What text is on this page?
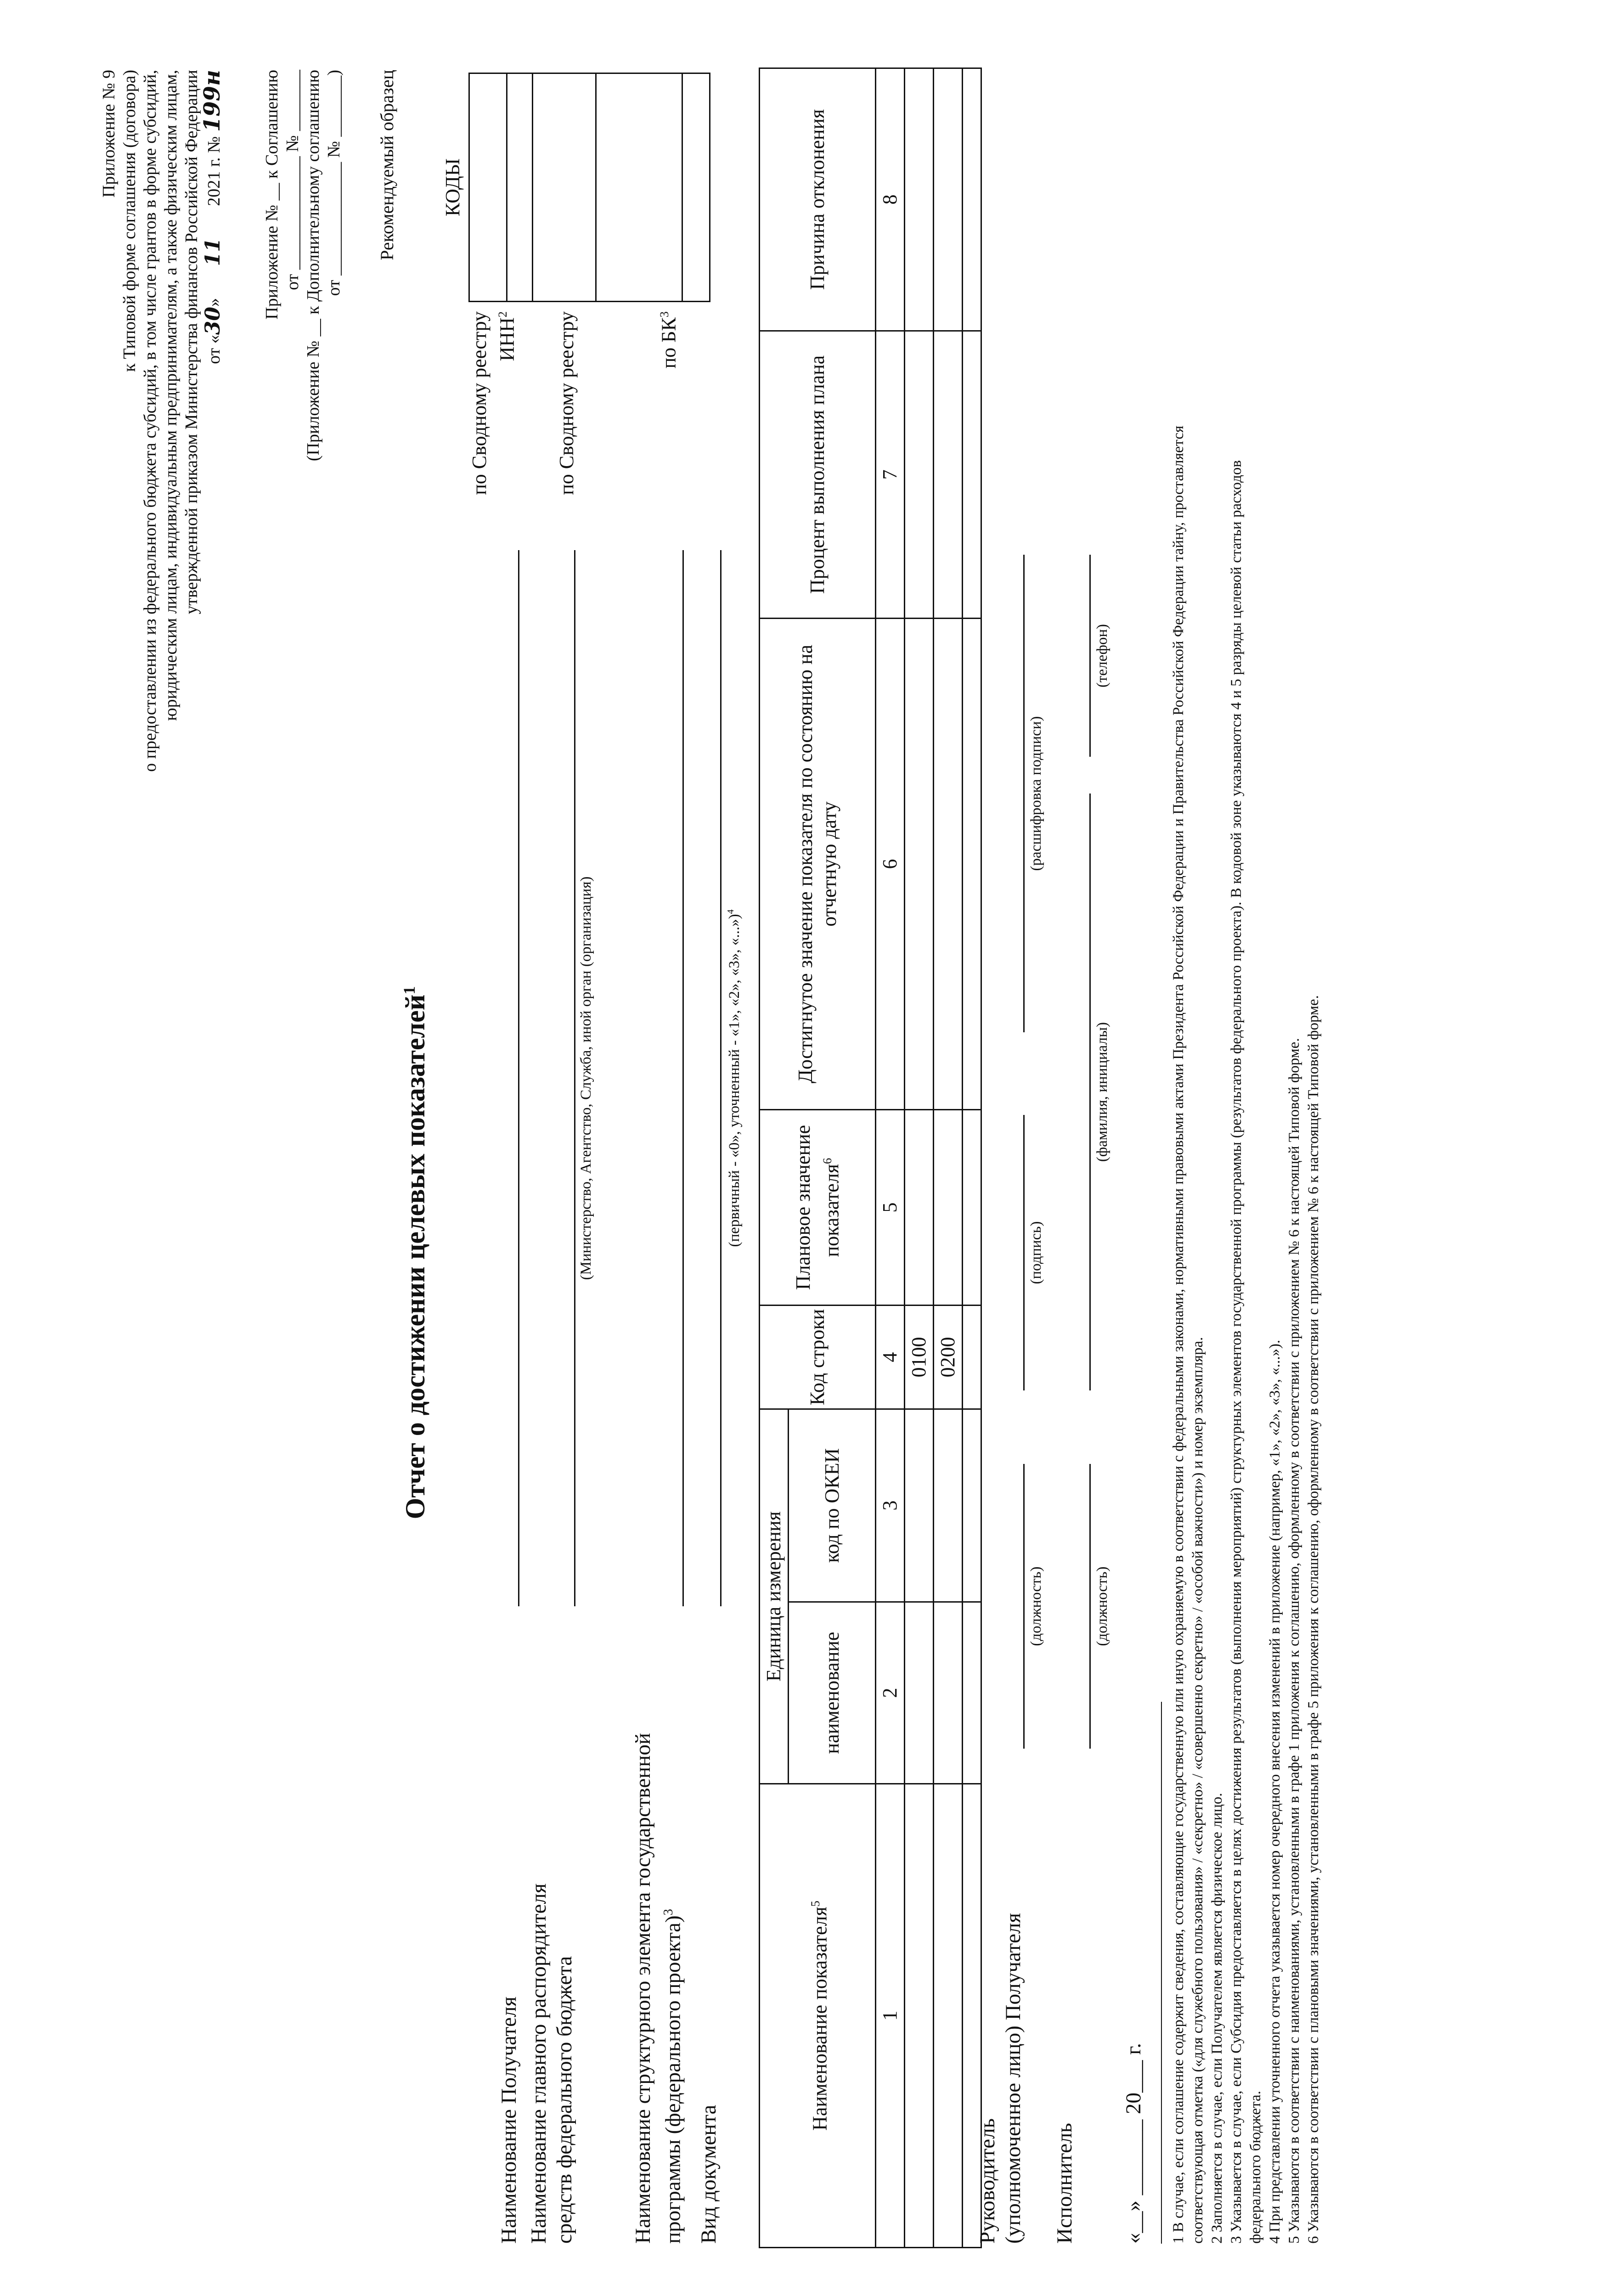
Приложение № 9 к Типовой форме соглашения (договора) о предоставлении из федерального бюджета субсидий, в том числе грантов в форме субсидий, юридическим лицам, индивидуальным предпринимателям, а также физическим лицам, утвержденной приказом Министерства финансов Российской Федерации от «30» 11 2021 г. № 199н Приложение № __ к Соглашению от _____________ № _______ (Приложение № __ к Дополнительному соглашению от _____________ № _______) Рекомендуемый образец
Отчет о достижении целевых показателей$^1$
КОДЫ

по Сводному реестру ИНН$^2$	по Сводному реестру	по $БК^3$
Наименование Получателя Наименование главного распорядителя средств федерального бюджета
(Министерство, Агентство, Служба, иной орган (организация)
Наименование структурного элемента государственной программы (федерального проекта)$^3$
Вид документа
(первичный - «0», уточненный - «1», «2», «3», «...»)$^4$
Наименование показателя$^5$	Единица измерения		Код строки	Плановое значение показателя$^6$	Достигнутое значение показателя по состоянию на отчетную дату	Процент выполнения плана	Причина отклонения
	наименование	код по ОКЕИ					
1	2	3	4	5	6	7	8
			0100				
			0200				

Руководитель (уполномоченное лицо) Получателя
(должность)
(подпись)
(расшифровка подписи)
Исполнитель
(должность)
(фамилия, инициалы)
(телефон)
«__» _______ 20___ г. 1 В случае, если соглашение содержит сведения, составляющие государственную или иную охраняемую в соответствии с федеральными законами, нормативными правовыми актами Президента Российской Федерации и Правительства Российской Федерации тайну, проставляется соответствующая отметка («для служебного пользования» / «секретно» / «совершенно секретно» / «особой важности») и номер экземпляра. 2 Заполняется в случае, если Получателем является физическое лицо. 3 Указывается в случае, если Субсидия предоставляется в целях достижения результатов (выполнения мероприятий) структурных элементов государственной программы (результатов федерального проекта). В кодовой зоне указываются 4 и 5 разряды целевой статьи расходов федерального бюджета. 4 При представлении уточненного отчета указывается номер очередного внесения изменений в приложение (например, «1», «2», «3», «...»). 5 Указываются в соответствии с наименованиями, установленными в графе 1 приложения к соглашению, оформленному в соответствии с приложением № 6 к настоящей Типовой форме. 6 Указываются в соответствии с плановыми значениями, установленными в графе 5 приложения к соглашению, оформленному в соответствии с приложением № 6 к настоящей Типовой форме.
